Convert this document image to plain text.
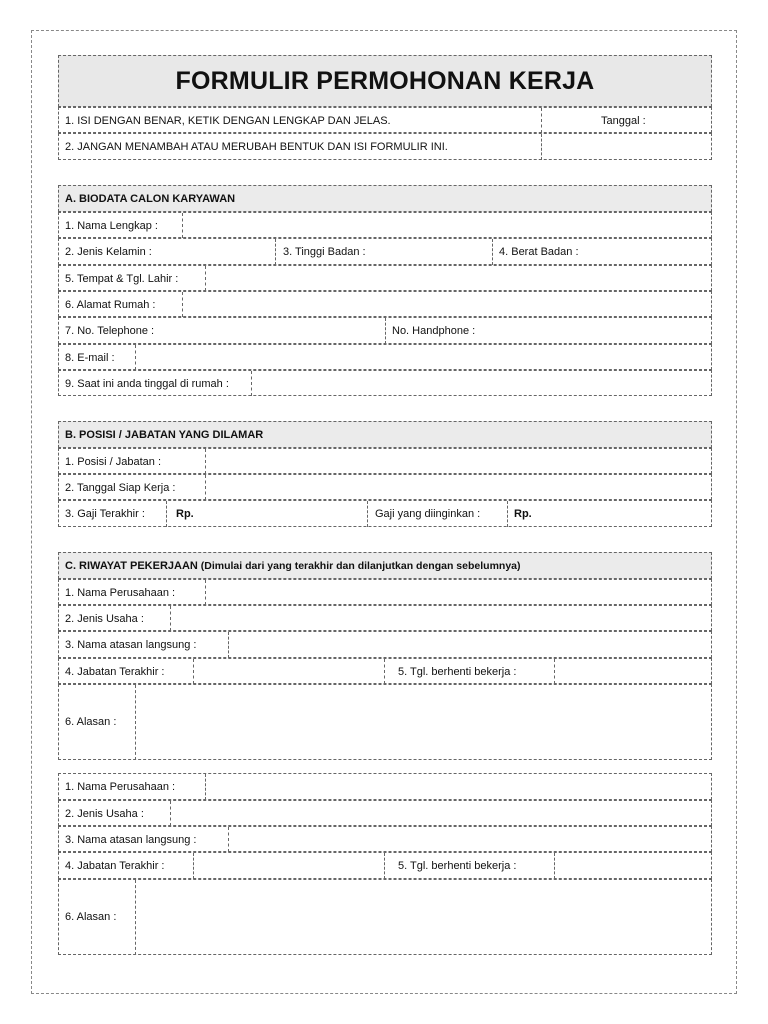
FORMULIR PERMOHONAN KERJA
1. ISI DENGAN BENAR, KETIK DENGAN LENGKAP DAN JELAS.	Tanggal :
2. JANGAN MENAMBAH ATAU MERUBAH BENTUK DAN ISI FORMULIR INI.
A. BIODATA CALON KARYAWAN
1. Nama Lengkap :
2. Jenis Kelamin :	3. Tinggi Badan :	4. Berat Badan :
5. Tempat & Tgl. Lahir :
6. Alamat Rumah :
7. No. Telephone :	No. Handphone :
8. E-mail :
9. Saat ini anda tinggal di rumah :
B. POSISI / JABATAN YANG DILAMAR
1. Posisi / Jabatan :
2. Tanggal Siap Kerja :
3. Gaji Terakhir :	Rp.	Gaji yang diinginkan :	Rp.
C. RIWAYAT PEKERJAAN (Dimulai dari yang terakhir dan dilanjutkan dengan sebelumnya)
1. Nama Perusahaan :
2. Jenis Usaha :
3. Nama atasan langsung :
4. Jabatan Terakhir :	5. Tgl. berhenti bekerja :
6. Alasan :
1. Nama Perusahaan :
2. Jenis Usaha :
3. Nama atasan langsung :
4. Jabatan Terakhir :	5. Tgl. berhenti bekerja :
6. Alasan :
